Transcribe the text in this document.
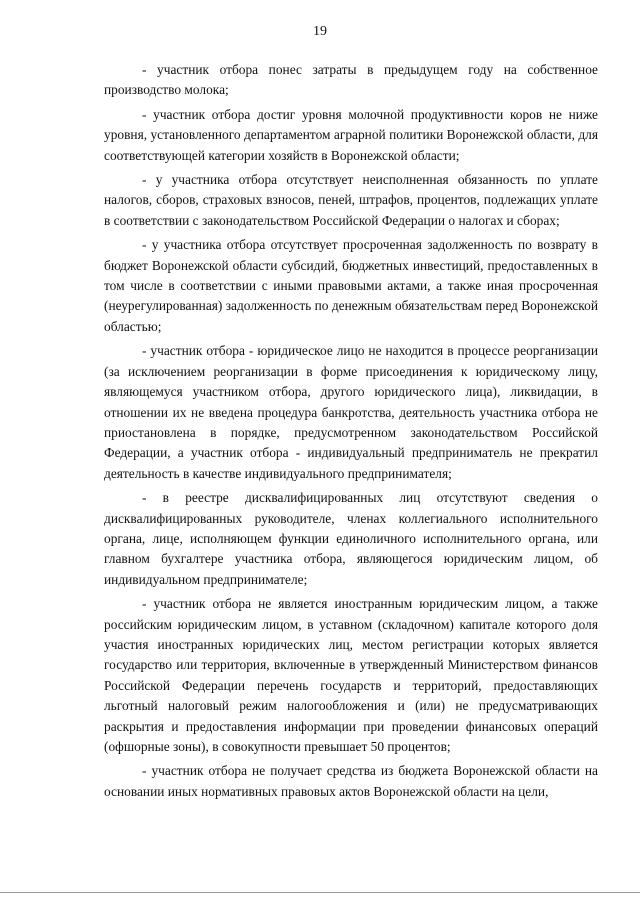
19

- участник отбора понес затраты в предыдущем году на собственное производство молока;

- участник отбора достиг уровня молочной продуктивности коров не ниже уровня, установленного департаментом аграрной политики Воронежской области, для соответствующей категории хозяйств в Воронежской области;

- у участника отбора отсутствует неисполненная обязанность по уплате налогов, сборов, страховых взносов, пеней, штрафов, процентов, подлежащих уплате в соответствии с законодательством Российской Федерации о налогах и сборах;

- у участника отбора отсутствует просроченная задолженность по возврату в бюджет Воронежской области субсидий, бюджетных инвестиций, предоставленных в том числе в соответствии с иными правовыми актами, а также иная просроченная (неурегулированная) задолженность по денежным обязательствам перед Воронежской областью;

- участник отбора - юридическое лицо не находится в процессе реорганизации (за исключением реорганизации в форме присоединения к юридическому лицу, являющемуся участником отбора, другого юридического лица), ликвидации, в отношении их не введена процедура банкротства, деятельность участника отбора не приостановлена в порядке, предусмотренном законодательством Российской Федерации, а участник отбора - индивидуальный предприниматель не прекратил деятельность в качестве индивидуального предпринимателя;

- в реестре дисквалифицированных лиц отсутствуют сведения о дисквалифицированных руководителе, членах коллегиального исполнительного органа, лице, исполняющем функции единоличного исполнительного органа, или главном бухгалтере участника отбора, являющегося юридическим лицом, об индивидуальном предпринимателе;

- участник отбора не является иностранным юридическим лицом, а также российским юридическим лицом, в уставном (складочном) капитале которого доля участия иностранных юридических лиц, местом регистрации которых является государство или территория, включенные в утвержденный Министерством финансов Российской Федерации перечень государств и территорий, предоставляющих льготный налоговый режим налогообложения и (или) не предусматривающих раскрытия и предоставления информации при проведении финансовых операций (офшорные зоны), в совокупности превышает 50 процентов;

- участник отбора не получает средства из бюджета Воронежской области на основании иных нормативных правовых актов Воронежской области на цели,
